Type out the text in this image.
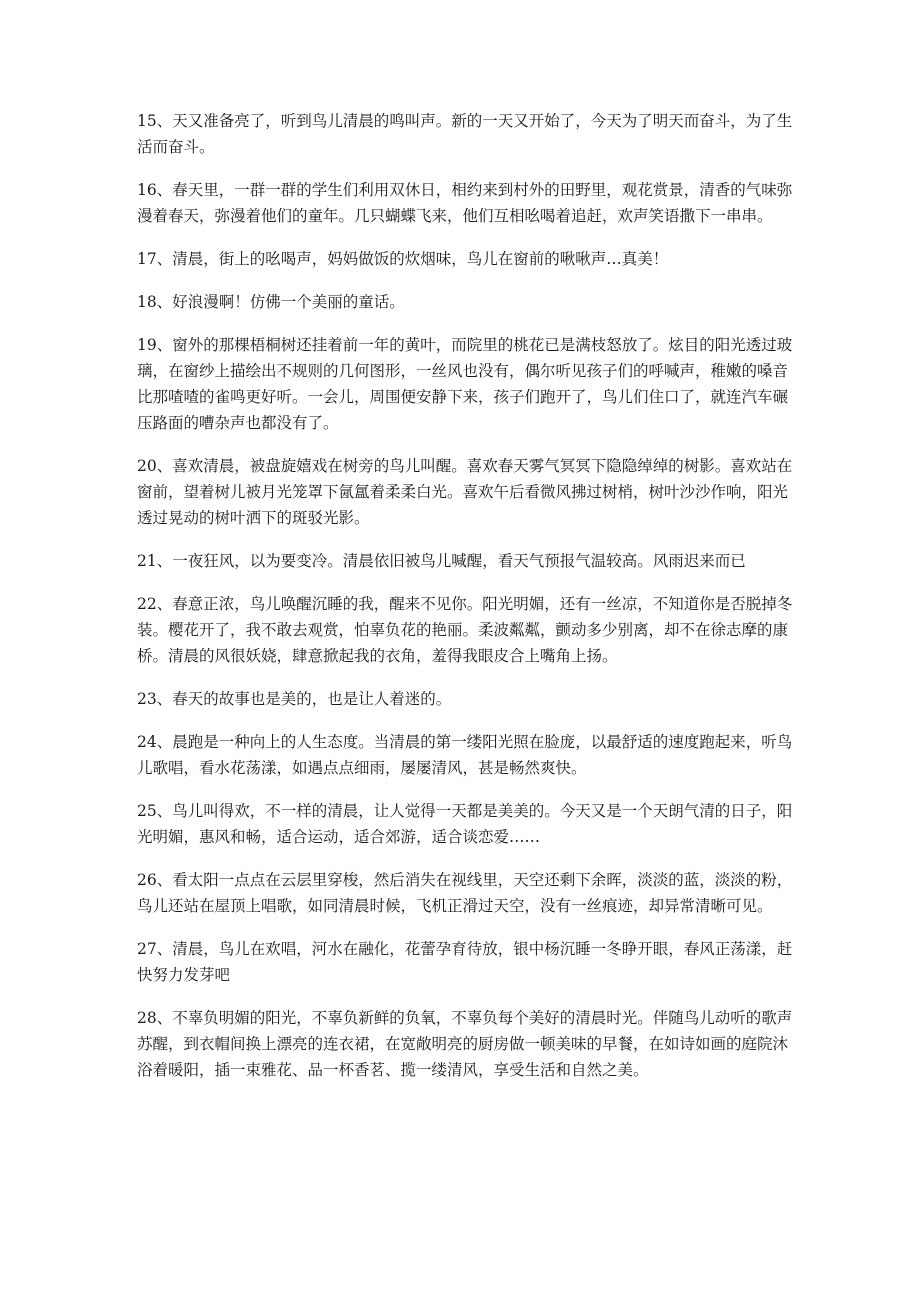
15、天又准备亮了，听到鸟儿清晨的鸣叫声。新的一天又开始了，今天为了明天而奋斗，为了生活而奋斗。

16、春天里，一群一群的学生们利用双休日，相约来到村外的田野里，观花赏景，清香的气味弥漫着春天，弥漫着他们的童年。几只蝴蝶飞来，他们互相吆喝着追赶，欢声笑语撒下一串串。

17、清晨，街上的吆喝声，妈妈做饭的炊烟味，鸟儿在窗前的啾啾声…真美！

18、好浪漫啊！仿佛一个美丽的童话。

19、窗外的那棵梧桐树还挂着前一年的黄叶，而院里的桃花已是满枝怒放了。炫目的阳光透过玻璃，在窗纱上描绘出不规则的几何图形，一丝风也没有，偶尔听见孩子们的呼喊声，稚嫩的嗓音比那喳喳的雀鸣更好听。一会儿，周围便安静下来，孩子们跑开了，鸟儿们住口了，就连汽车碾压路面的嘈杂声也都没有了。

20、喜欢清晨，被盘旋嬉戏在树旁的鸟儿叫醒。喜欢春天雾气冥冥下隐隐绰绰的树影。喜欢站在窗前，望着树儿被月光笼罩下氤氲着柔柔白光。喜欢午后看微风拂过树梢，树叶沙沙作响，阳光透过晃动的树叶洒下的斑驳光影。

21、一夜狂风，以为要变冷。清晨依旧被鸟儿喊醒，看天气预报气温较高。风雨迟来而已

22、春意正浓，鸟儿唤醒沉睡的我，醒来不见你。阳光明媚，还有一丝凉，不知道你是否脱掉冬装。樱花开了，我不敢去观赏，怕辜负花的艳丽。柔波粼粼，颤动多少别离，却不在徐志摩的康桥。清晨的风很妖娆，肆意掀起我的衣角，羞得我眼皮合上嘴角上扬。

23、春天的故事也是美的，也是让人着迷的。

24、晨跑是一种向上的人生态度。当清晨的第一缕阳光照在脸庞，以最舒适的速度跑起来，听鸟儿歌唱，看水花荡漾，如遇点点细雨，屡屡清风，甚是畅然爽快。

25、鸟儿叫得欢，不一样的清晨，让人觉得一天都是美美的。今天又是一个天朗气清的日子，阳光明媚，惠风和畅，适合运动，适合郊游，适合谈恋爱……

26、看太阳一点点在云层里穿梭，然后消失在视线里，天空还剩下余晖，淡淡的蓝，淡淡的粉，鸟儿还站在屋顶上唱歌，如同清晨时候，飞机正滑过天空，没有一丝痕迹，却异常清晰可见。

27、清晨，鸟儿在欢唱，河水在融化，花蕾孕育待放，银中杨沉睡一冬睁开眼，春风正荡漾，赶快努力发芽吧

28、不辜负明媚的阳光，不辜负新鲜的负氧，不辜负每个美好的清晨时光。伴随鸟儿动听的歌声苏醒，到衣帽间换上漂亮的连衣裙，在宽敞明亮的厨房做一顿美味的早餐，在如诗如画的庭院沐浴着暖阳，插一束雅花、品一杯香茗、揽一缕清风，享受生活和自然之美。
